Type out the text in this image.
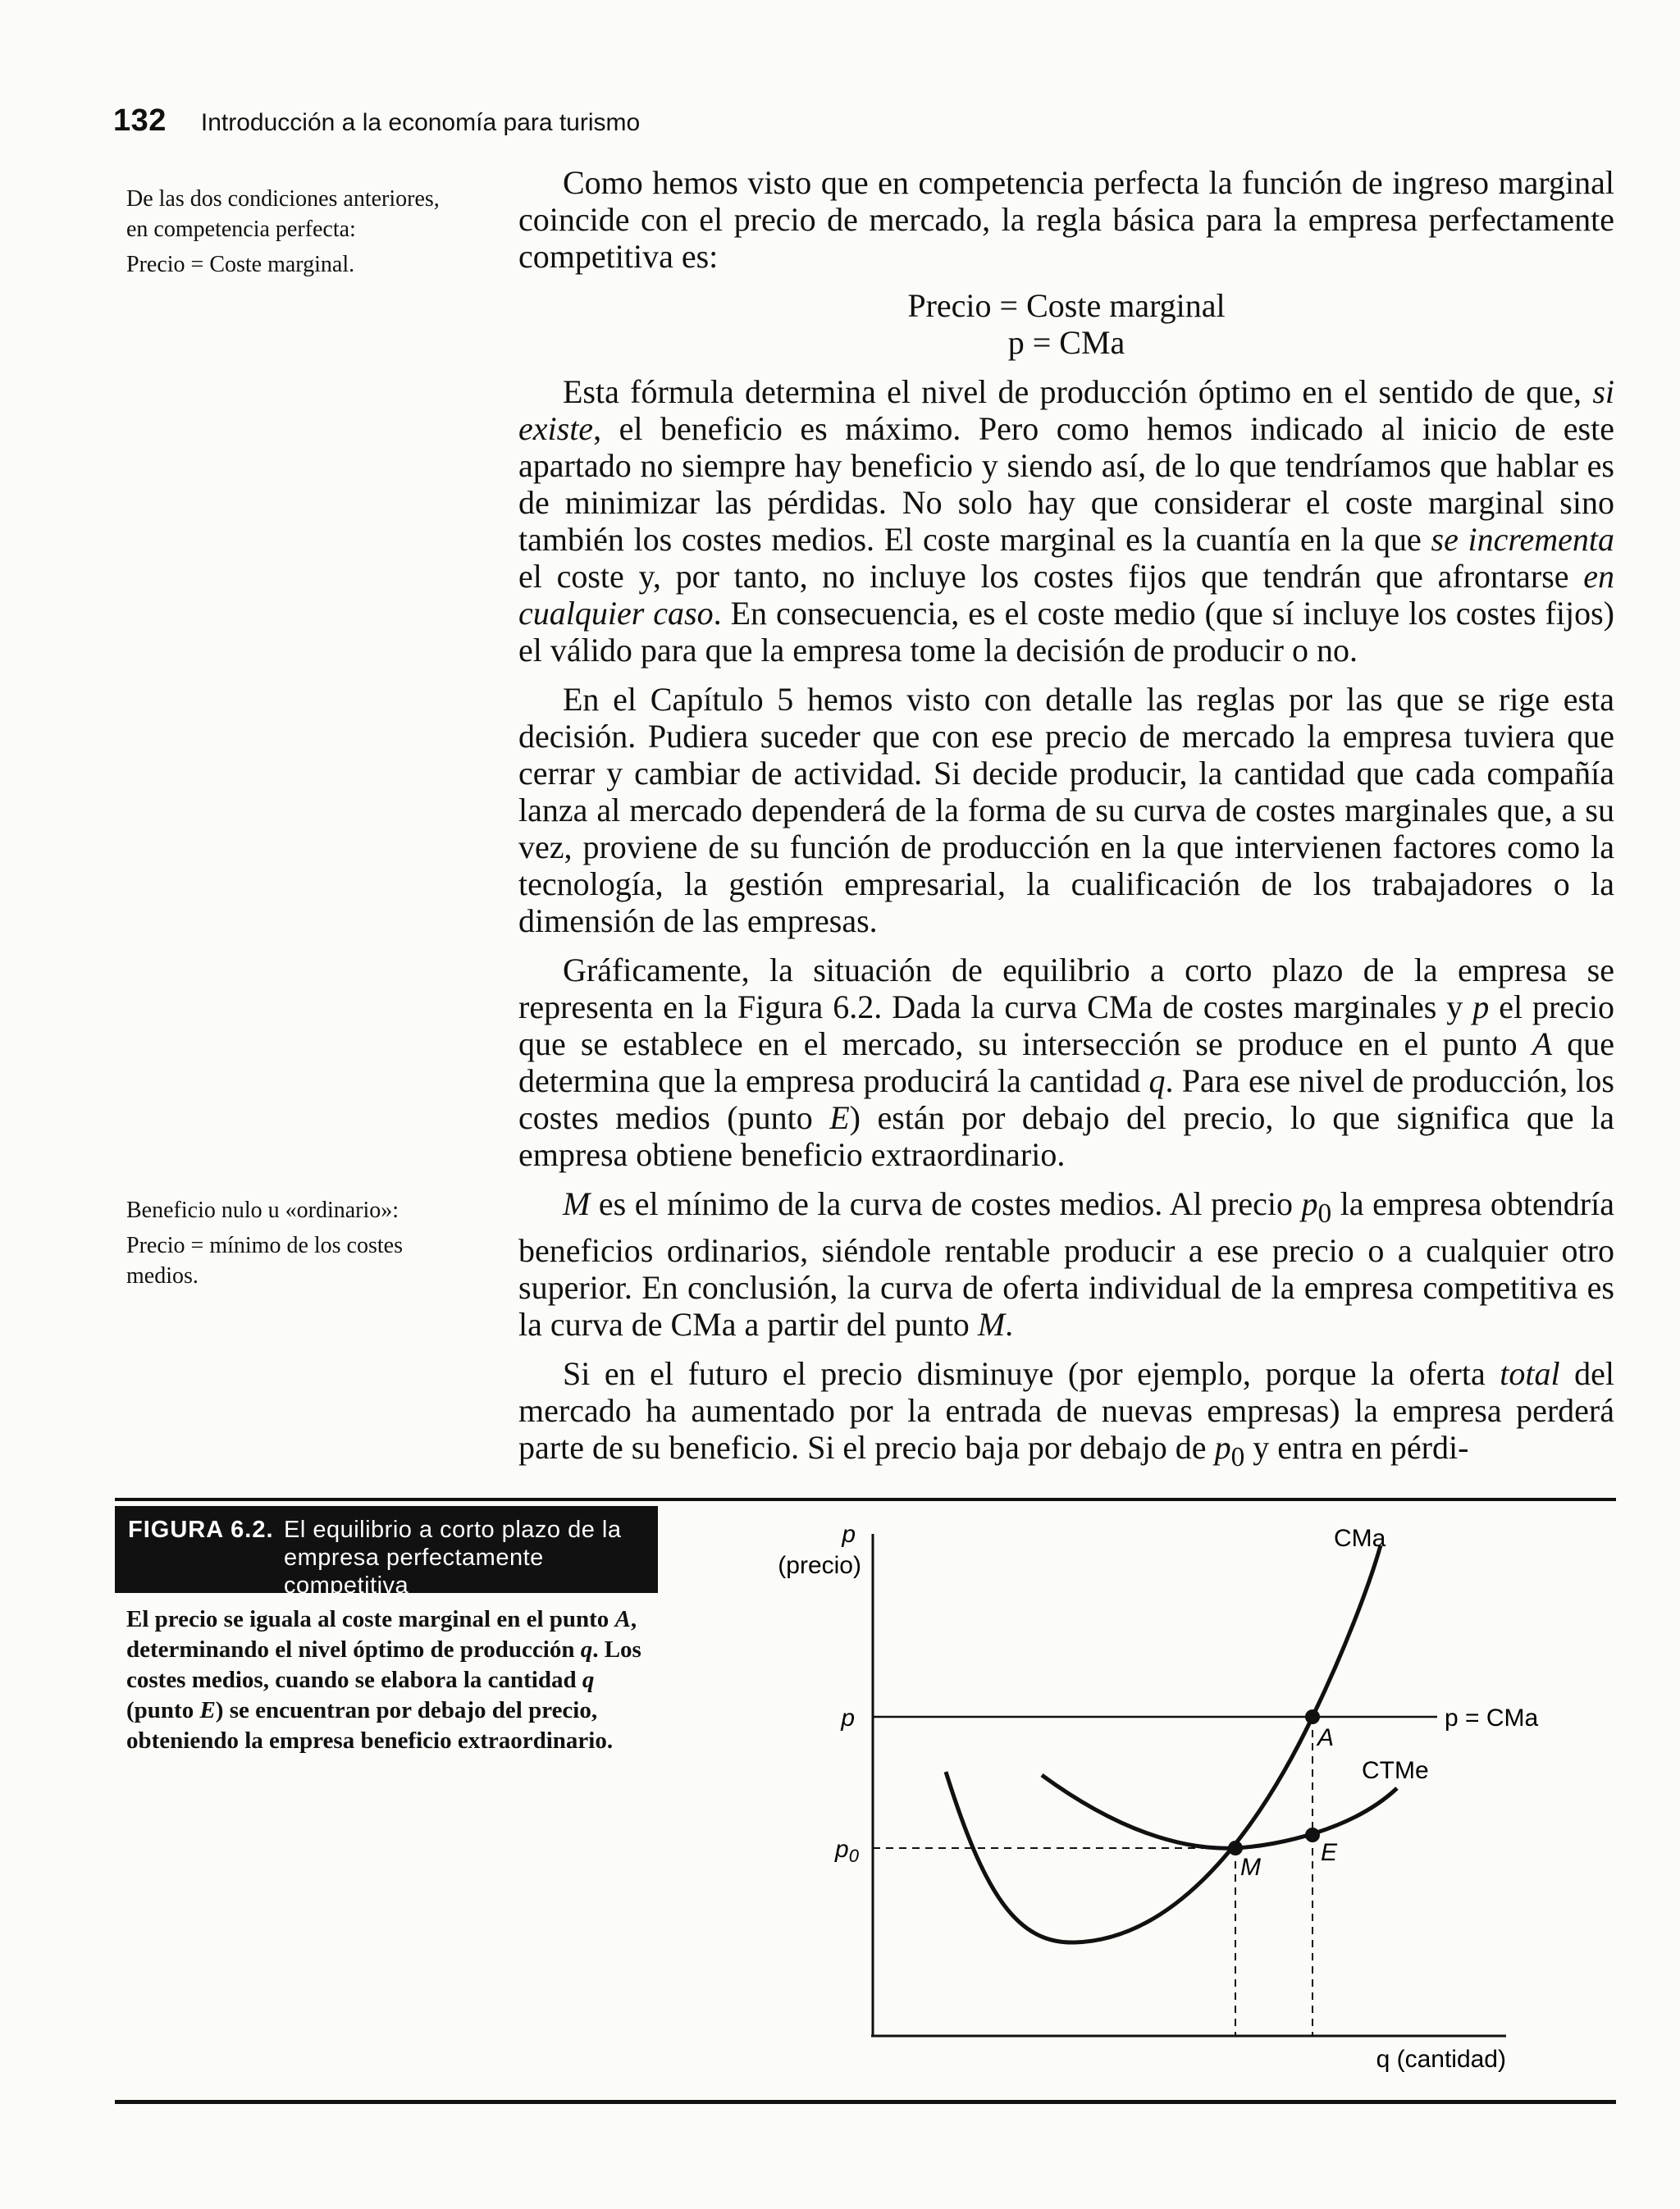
132 Introducción a la economía para turismo

De las dos condiciones anteriores, en competencia perfecta:

Precio = Coste marginal.

Beneficio nulo u «ordinario»:

Precio = mínimo de los costes medios.

Como hemos visto que en competencia perfecta la función de ingreso marginal coincide con el precio de mercado, la regla básica para la empresa perfectamente competitiva es:

Precio = Coste marginal

p = CMa

Esta fórmula determina el nivel de producción óptimo en el sentido de que, si existe, el beneficio es máximo. Pero como hemos indicado al inicio de este apartado no siempre hay beneficio y siendo así, de lo que tendríamos que hablar es de minimizar las pérdidas. No solo hay que considerar el coste marginal sino también los costes medios. El coste marginal es la cuantía en la que se incrementa el coste y, por tanto, no incluye los costes fijos que tendrán que afrontarse en cualquier caso. En consecuencia, es el coste medio (que sí incluye los costes fijos) el válido para que la empresa tome la decisión de producir o no.

En el Capítulo 5 hemos visto con detalle las reglas por las que se rige esta decisión. Pudiera suceder que con ese precio de mercado la empresa tuviera que cerrar y cambiar de actividad. Si decide producir, la cantidad que cada compañía lanza al mercado dependerá de la forma de su curva de costes marginales que, a su vez, proviene de su función de producción en la que intervienen factores como la tecnología, la gestión empresarial, la cualificación de los trabajadores o la dimensión de las empresas.

Gráficamente, la situación de equilibrio a corto plazo de la empresa se representa en la Figura 6.2. Dada la curva CMa de costes marginales y p el precio que se establece en el mercado, su intersección se produce en el punto A que determina que la empresa producirá la cantidad q. Para ese nivel de producción, los costes medios (punto E) están por debajo del precio, lo que significa que la empresa obtiene beneficio extraordinario.

M es el mínimo de la curva de costes medios. Al precio $p_0$ la empresa obtendría beneficios ordinarios, siéndole rentable producir a ese precio o a cualquier otro superior. En conclusión, la curva de oferta individual de la empresa competitiva es la curva de CMa a partir del punto M.

Si en el futuro el precio disminuye (por ejemplo, porque la oferta total del mercado ha aumentado por la entrada de nuevas empresas) la empresa perderá parte de su beneficio. Si el precio baja por debajo de $p_0$ y entra en pérdi-

FIGURA 6.2. El equilibrio a corto plazo de la empresa perfectamente competitiva
El precio se iguala al coste marginal en el punto A, determinando el nivel óptimo de producción q. Los costes medios, cuando se elabora la cantidad q (punto E) se encuentran por debajo del precio, obteniendo la empresa beneficio extraordinario.
p
(precio)
p
$p_0$
q (cantidad)
CMa
CTMe
p = CMa
A
E
M
